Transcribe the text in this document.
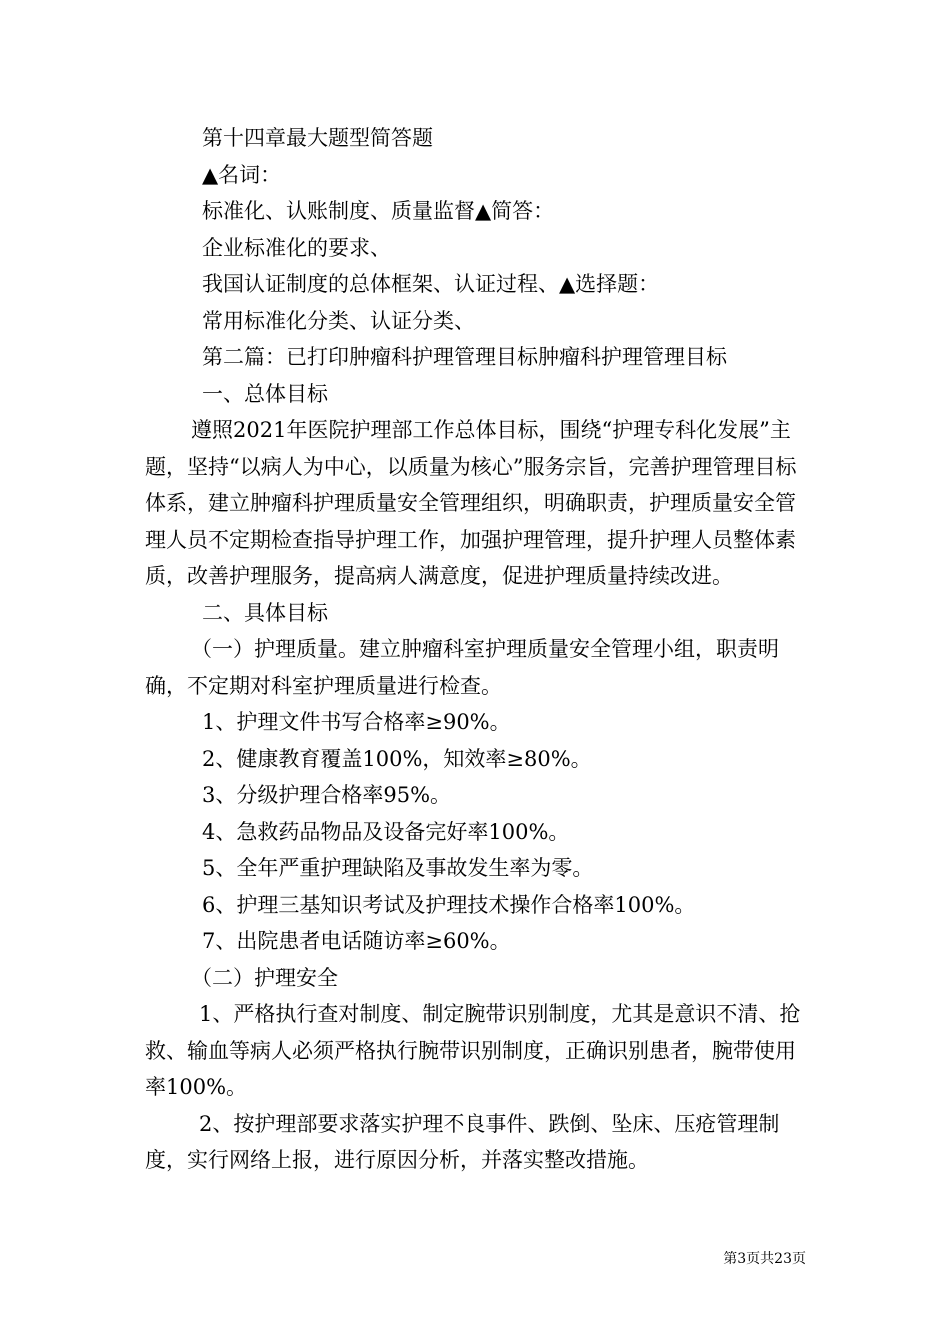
第十四章最大题型简答题

▲名词：

标准化、认账制度、质量监督▲简答：

企业标准化的要求、

我国认证制度的总体框架、认证过程、▲选择题：

常用标准化分类、认证分类、

第二篇：已打印肿瘤科护理管理目标肿瘤科护理管理目标

一、总体目标

遵照2021年医院护理部工作总体目标，围绕“护理专科化发展”主题，坚持“以病人为中心，以质量为核心”服务宗旨，完善护理管理目标体系，建立肿瘤科护理质量安全管理组织，明确职责，护理质量安全管理人员不定期检查指导护理工作，加强护理管理，提升护理人员整体素质，改善护理服务，提高病人满意度，促进护理质量持续改进。

二、具体目标

（一）护理质量。建立肿瘤科室护理质量安全管理小组，职责明确，不定期对科室护理质量进行检查。

1、护理文件书写合格率≥90%。

2、健康教育覆盖100%，知效率≥80%。

3、分级护理合格率95%。

4、急救药品物品及设备完好率100%。

5、全年严重护理缺陷及事故发生率为零。

6、护理三基知识考试及护理技术操作合格率100%。

7、出院患者电话随访率≥60%。

（二）护理安全

1、严格执行查对制度、制定腕带识别制度，尤其是意识不清、抢救、输血等病人必须严格执行腕带识别制度，正确识别患者，腕带使用率100%。

2、按护理部要求落实护理不良事件、跌倒、坠床、压疮管理制度，实行网络上报，进行原因分析，并落实整改措施。

第3页共23页
